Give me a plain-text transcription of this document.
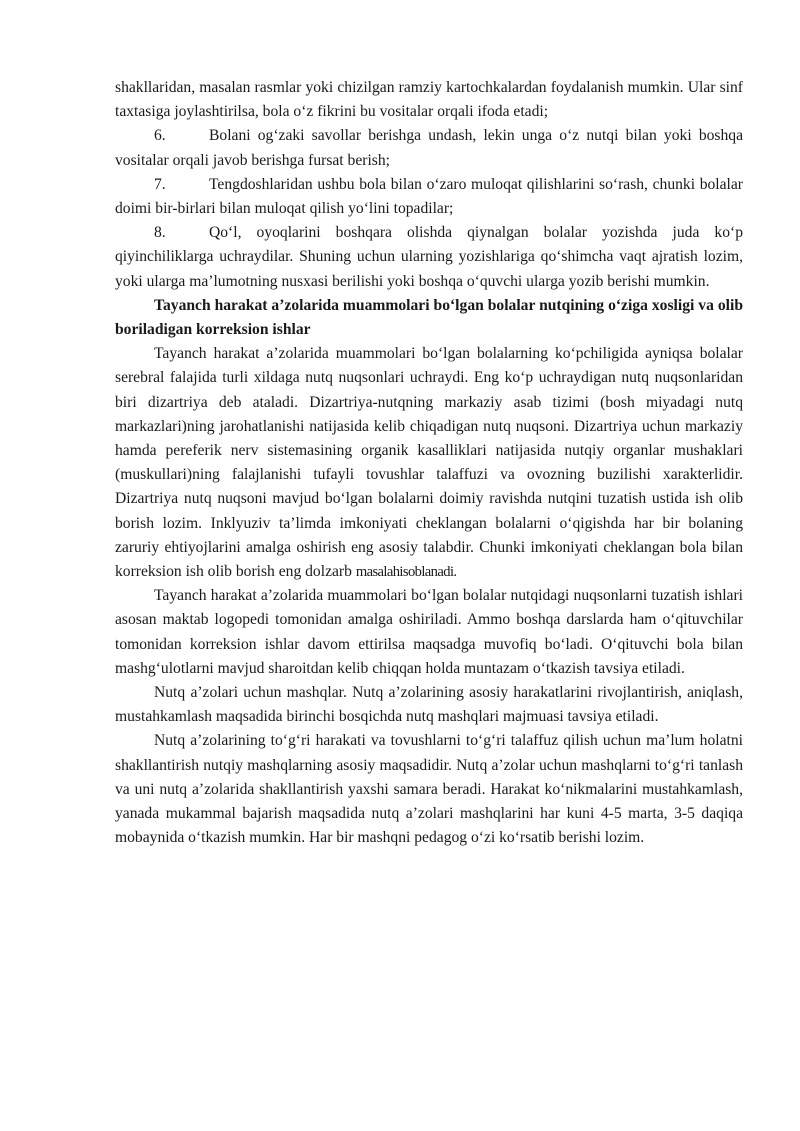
shakllaridan, masalan rasmlar yoki chizilgan ramziy kartochkalardan foydalanish mumkin. Ular sinf taxtasiga joylashtirilsa, bola o‘z fikrini bu vositalar orqali ifoda etadi;

6.	Bolani og‘zaki savollar berishga undash, lekin unga o‘z nutqi bilan yoki boshqa vositalar orqali javob berishga fursat berish;

7.	Tengdoshlaridan ushbu bola bilan o‘zaro muloqat qilishlarini so‘rash, chunki bolalar doimi bir-birlari bilan muloqat qilish yo‘lini topadilar;

8.	Qo‘l, oyoqlarini boshqara olishda qiynalgan bolalar yozishda juda ko‘p qiyinchiliklarga uchraydilar. Shuning uchun ularning yozishlariga qo‘shimcha vaqt ajratish lozim, yoki ularga ma’lumotning nusxasi berilishi yoki boshqa o‘quvchi ularga yozib berishi mumkin.

Tayanch harakat a’zolarida muammolari bo‘lgan bolalar nutqining o‘ziga xosligi va olib boriladigan korreksion ishlar

Tayanch harakat a’zolarida muammolari bo‘lgan bolalarning ko‘pchiligida ayniqsa bolalar serebral falajida turli xildaga nutq nuqsonlari uchraydi. Eng ko‘p uchraydigan nutq nuqsonlaridan biri dizartriya deb ataladi. Dizartriya-nutqning markaziy asab tizimi (bosh miyadagi nutq markazlari)ning jarohatlanishi natijasida kelib chiqadigan nutq nuqsoni. Dizartriya uchun markaziy hamda pereferik nerv sistemasining organik kasalliklari natijasida nutqiy organlar mushaklari (muskullari)ning falajlanishi tufayli tovushlar talaffuzi va ovozning buzilishi xarakterlidir. Dizartriya nutq nuqsoni mavjud bo‘lgan bolalarni doimiy ravishda nutqini tuzatish ustida ish olib borish lozim. Inklyuziv ta’limda imkoniyati cheklangan bolalarni o‘qigishda har bir bolaning zaruriy ehtiyojlarini amalga oshirish eng asosiy talabdir. Chunki imkoniyati cheklangan bola bilan korreksion ish olib borish eng dolzarb masalahisoblanadi.

Tayanch harakat a’zolarida muammolari bo‘lgan bolalar nutqidagi nuqsonlarni tuzatish ishlari asosan maktab logopedi tomonidan amalga oshiriladi. Ammo boshqa darslarda ham o‘qituvchilar tomonidan korreksion ishlar davom ettirilsa maqsadga muvofiq bo‘ladi. O‘qituvchi bola bilan mashg‘ulotlarni mavjud sharoitdan kelib chiqqan holda muntazam o‘tkazish tavsiya etiladi.

Nutq a’zolari uchun mashqlar. Nutq a’zolarining asosiy harakatlarini rivojlantirish, aniqlash, mustahkamlash maqsadida birinchi bosqichda nutq mashqlari majmuasi tavsiya etiladi.

Nutq a’zolarining to‘g‘ri harakati va tovushlarni to‘g‘ri talaffuz qilish uchun ma’lum holatni shakllantirish nutqiy mashqlarning asosiy maqsadidir. Nutq a’zolar uchun mashqlarni to‘g‘ri tanlash va uni nutq a’zolarida shakllantirish yaxshi samara beradi. Harakat ko‘nikmalarini mustahkamlash, yanada mukammal bajarish maqsadida nutq a’zolari mashqlarini har kuni 4-5 marta, 3-5 daqiqa mobaynida o‘tkazish mumkin. Har bir mashqni pedagog o‘zi ko‘rsatib berishi lozim.
